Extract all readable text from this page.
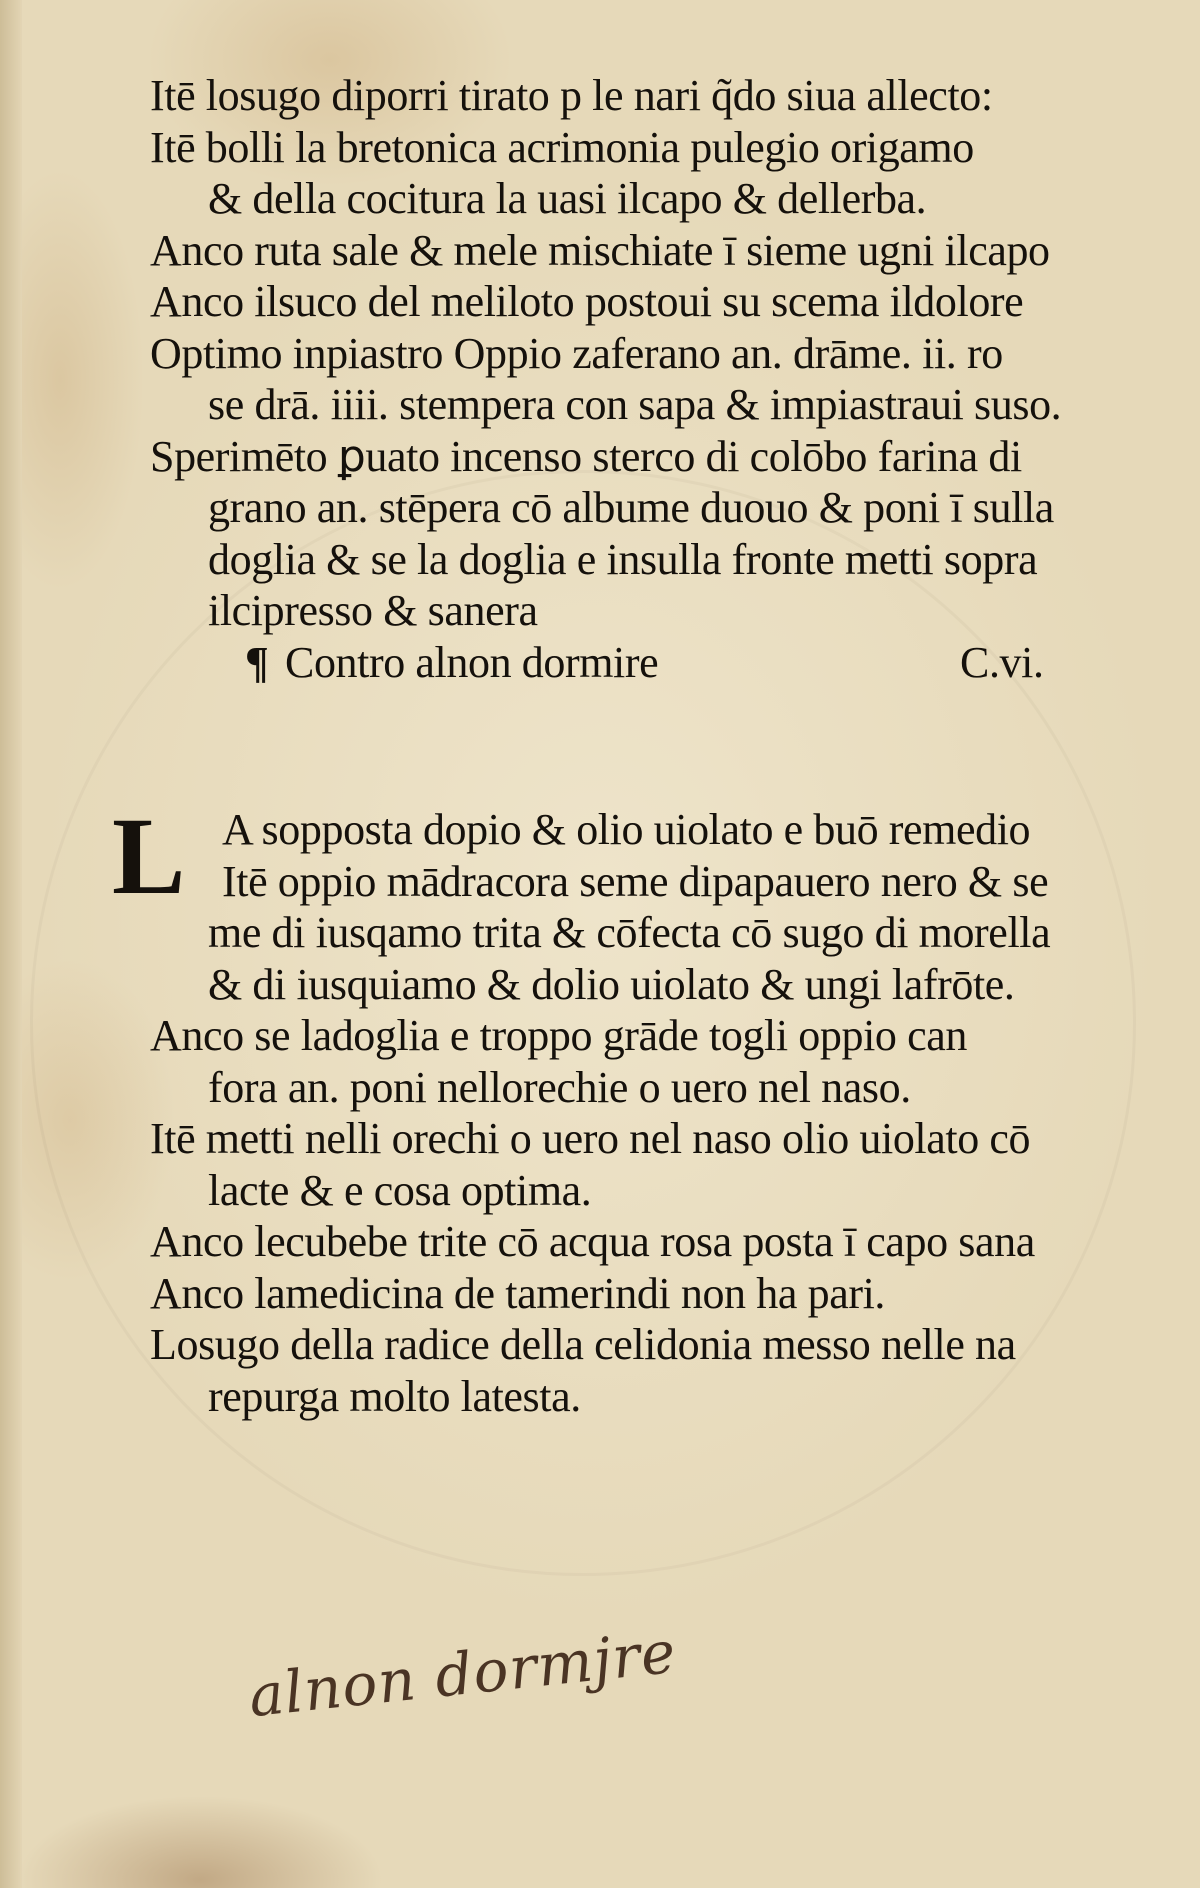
Itē losugo diporri tirato p le nari q̃do siua allecto:
Itē bolli la bretonica acrimonia pulegio origamo
& della cocitura la uasi ilcapo & dellerba.
Anco ruta sale & mele mischiate ī sieme ugni ilcapo
Anco ilsuco del meliloto postoui su scema ildolore
Optimo inpiastro Oppio zaferano an. drāme. ii. ro
se drā. iiii. stempera con sapa & impiastraui suso.
Sperimēto ꝑuato incenso sterco di colōbo farina di
grano an. stēpera cō albume duouo & poni ī sulla
doglia & se la doglia e insulla fronte metti sopra
ilcipresso & sanera
¶ Contro alnon dormire	C.vi.
L A soppostа dopio & olio uiolato e buō remedio
Itē oppio mādracora seme dipapauero nero & se
me di iusqamo trita & cōfecta cō sugo di morella
& di iusquiamo & dolio uiolato & ungi lafrōte.
Anco se ladoglia e troppo grāde togli oppio can
fora an. poni nellorechie o uero nel naso.
Itē metti nelli orechi o uero nel naso olio uiolato cō
lacte & e cosa optima.
Anco lecubebe trite cō acqua rosa posta ī capo sana
Anco lamedicina de tamerindi non ha pari.
Losugo della radice della celidonia messo nelle na
repurga molto latesta.
alnon dormjre
